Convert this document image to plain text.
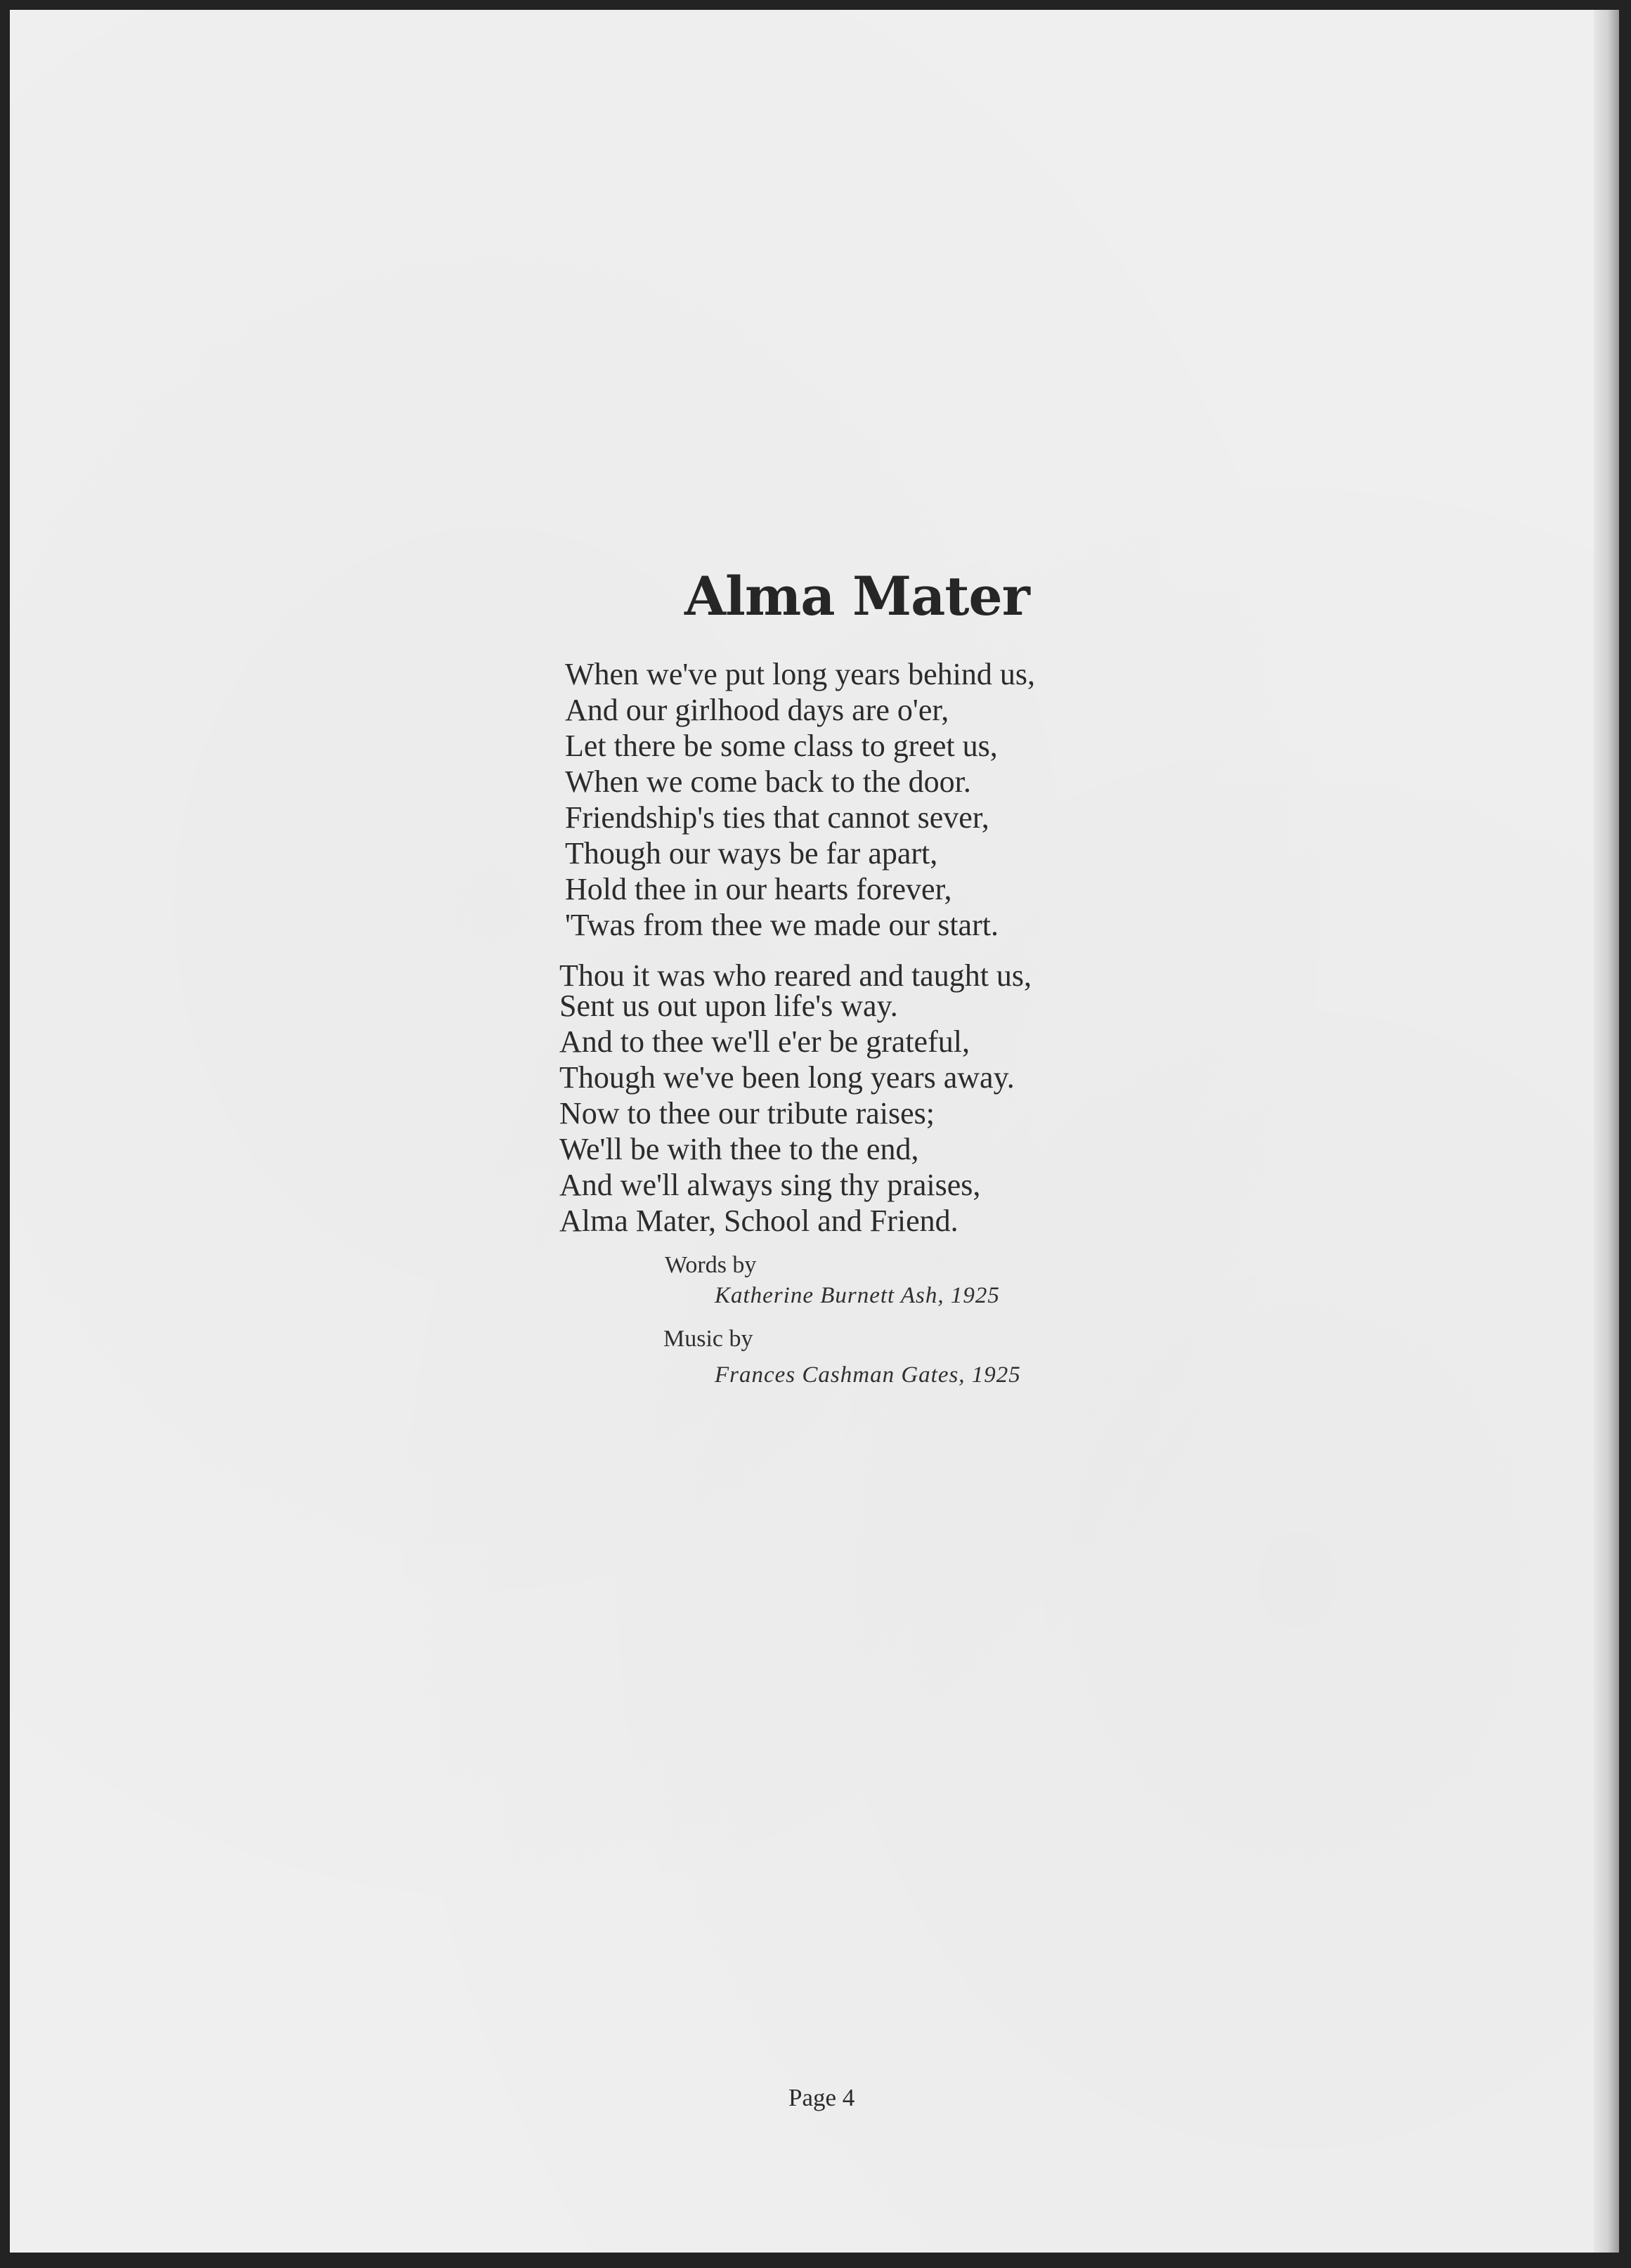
Alma Mater
When we've put long years behind us,
And our girlhood days are o'er,
Let there be some class to greet us,
When we come back to the door.
Friendship's ties that cannot sever,
Though our ways be far apart,
Hold thee in our hearts forever,
'Twas from thee we made our start.
Thou it was who reared and taught us,
Sent us out upon life's way.
And to thee we'll e'er be grateful,
Though we've been long years away.
Now to thee our tribute raises;
We'll be with thee to the end,
And we'll always sing thy praises,
Alma Mater, School and Friend.

Words by

Katherine Burnett Ash, 1925

Music by

Frances Cashman Gates, 1925

Page 4
